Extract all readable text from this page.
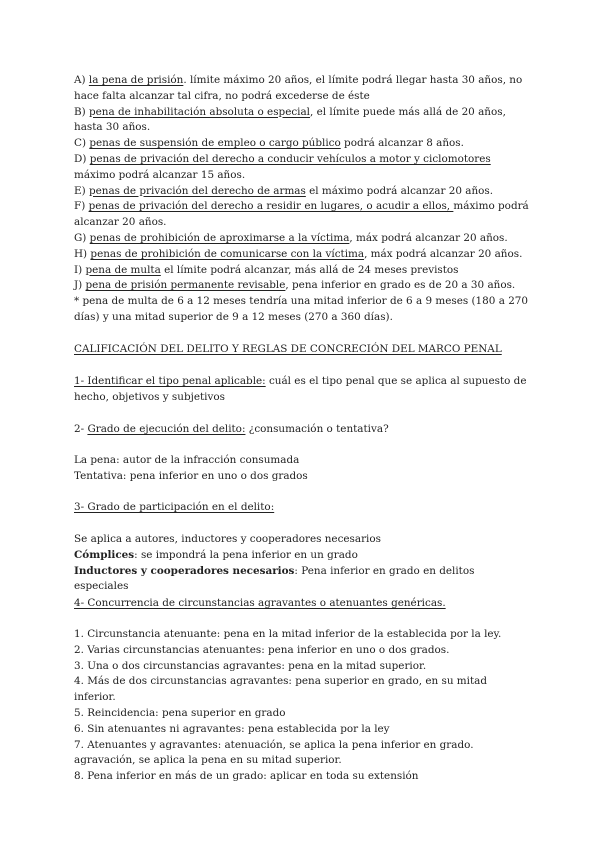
A) la pena de prisión. límite máximo 20 años, el límite podrá llegar hasta 30 años, no hace falta alcanzar tal cifra, no podrá excederse de éste

B) pena de inhabilitación absoluta o especial, el límite puede más allá de 20 años, hasta 30 años.

C) penas de suspensión de empleo o cargo público podrá alcanzar 8 años.

D) penas de privación del derecho a conducir vehículos a motor y ciclomotores máximo podrá alcanzar 15 años.

E) penas de privación del derecho de armas el máximo podrá alcanzar 20 años.

F) penas de privación del derecho a residir en lugares, o acudir a ellos, máximo podrá alcanzar 20 años.

G) penas de prohibición de aproximarse a la víctima, máx podrá alcanzar 20 años.

H) penas de prohibición de comunicarse con la víctima, máx podrá alcanzar 20 años.

I) pena de multa el límite podrá alcanzar, más allá de 24 meses previstos

J) pena de prisión permanente revisable, pena inferior en grado es de 20 a 30 años.

* pena de multa de 6 a 12 meses tendría una mitad inferior de 6 a 9 meses (180 a 270 días) y una mitad superior de 9 a 12 meses (270 a 360 días).

CALIFICACIÓN DEL DELITO Y REGLAS DE CONCRECIÓN DEL MARCO PENAL

1- Identificar el tipo penal aplicable: cuál es el tipo penal que se aplica al supuesto de hecho, objetivos y subjetivos

2- Grado de ejecución del delito: ¿consumación o tentativa?

La pena: autor de la infracción consumada

Tentativa: pena inferior en uno o dos grados

3- Grado de participación en el delito:

Se aplica a autores, inductores y cooperadores necesarios

Cómplices: se impondrá la pena inferior en un grado

Inductores y cooperadores necesarios: Pena inferior en grado en delitos especiales

4- Concurrencia de circunstancias agravantes o atenuantes genéricas.

1. Circunstancia atenuante: pena en la mitad inferior de la establecida por la ley.

2. Varias circunstancias atenuantes: pena inferior en uno o dos grados.

3. Una o dos circunstancias agravantes: pena en la mitad superior.

4. Más de dos circunstancias agravantes: pena superior en grado, en su mitad inferior.

5. Reincidencia: pena superior en grado

6. Sin atenuantes ni agravantes: pena establecida por la ley

7. Atenuantes y agravantes: atenuación, se aplica la pena inferior en grado. agravación, se aplica la pena en su mitad superior.

8. Pena inferior en más de un grado: aplicar en toda su extensión
